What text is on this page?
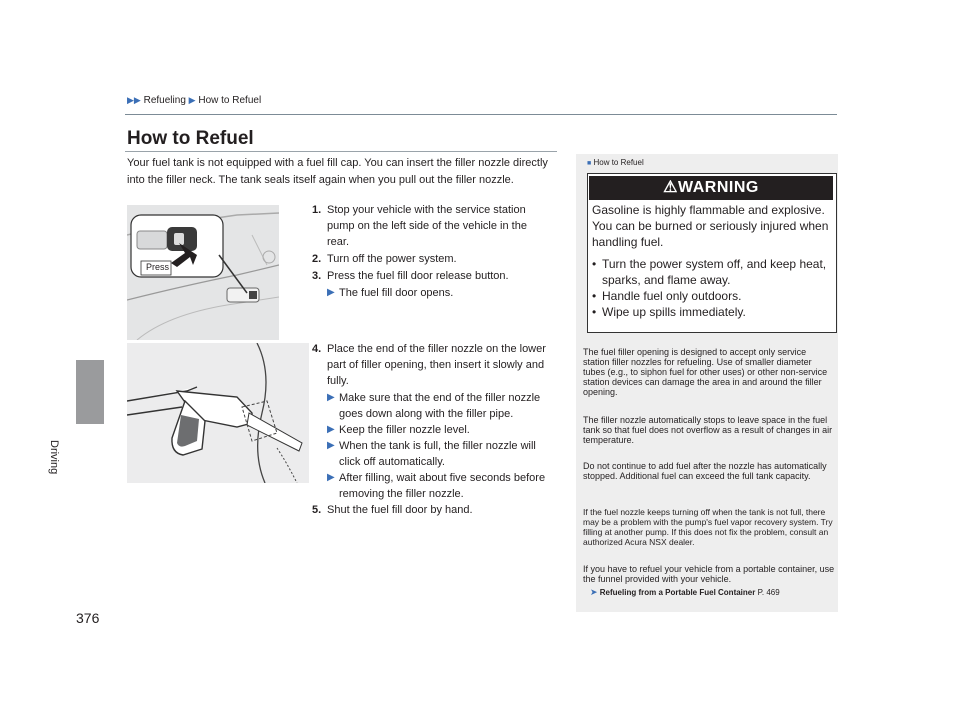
▶▶ Refueling ▶ How to Refuel
Driving
376
How to Refuel
Your fuel tank is not equipped with a fuel fill cap. You can insert the filler nozzle directly into the filler neck. The tank seals itself again when you pull out the filler nozzle.
Press
1. Stop your vehicle with the service station pump on the left side of the vehicle in the rear.
2. Turn off the power system.
3. Press the fuel fill door release button.
▶ The fuel fill door opens.
4. Place the end of the filler nozzle on the lower part of filler opening, then insert it slowly and fully.
▶ Make sure that the end of the filler nozzle goes down along with the filler pipe.
▶ Keep the filler nozzle level.
▶ When the tank is full, the filler nozzle will click off automatically.
▶ After filling, wait about five seconds before removing the filler nozzle.
5. Shut the fuel fill door by hand.
■ How to Refuel
⚠WARNING
Gasoline is highly flammable and explosive. You can be burned or seriously injured when handling fuel.
• Turn the power system off, and keep heat, sparks, and flame away.
• Handle fuel only outdoors.
• Wipe up spills immediately.
The fuel filler opening is designed to accept only service station filler nozzles for refueling. Use of smaller diameter tubes (e.g., to siphon fuel for other uses) or other non-service station devices can damage the area in and around the filler opening.
The filler nozzle automatically stops to leave space in the fuel tank so that fuel does not overflow as a result of changes in air temperature.
Do not continue to add fuel after the nozzle has automatically stopped. Additional fuel can exceed the full tank capacity.
If the fuel nozzle keeps turning off when the tank is not full, there may be a problem with the pump's fuel vapor recovery system. Try filling at another pump. If this does not fix the problem, consult an authorized Acura NSX dealer.
If you have to refuel your vehicle from a portable container, use the funnel provided with your vehicle.
➤ Refueling from a Portable Fuel Container P. 469
